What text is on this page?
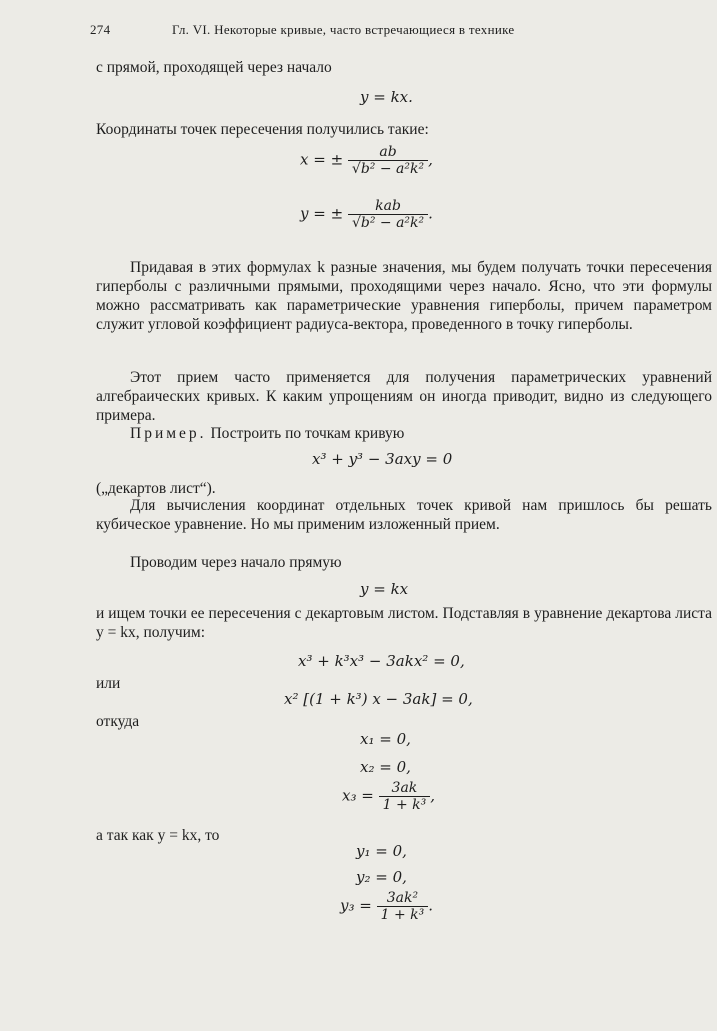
274	Гл. VI. Некоторые кривые, часто встречающиеся в технике
с прямой, проходящей через начало
y = kx.
Координаты точек пересечения получились такие:
x = ± $\frac{ab}{\text{√b² − a²k²}}$ ,
y = ± $\frac{\text{kab}}{\text{√b² − a²k²}}$ .
Придавая в этих формулах k разные значения, мы будем получать точки пересечения гиперболы с различными прямыми, проходящими через начало. Ясно, что эти формулы можно рассматривать как параметрические уравнения гиперболы, причем параметром служит угловой коэффициент радиуса-вектора, проведенного в точку гиперболы.
Этот прием часто применяется для получения параметрических уравнений алгебраических кривых. К каким упрощениям он иногда приводит, видно из следующего примера.
Пример. Построить по точкам кривую
x³ + y³ − 3axy = 0
(„декартов лист“).
Для вычисления координат отдельных точек кривой нам пришлось бы решать кубическое уравнение. Но мы применим изложенный прием.
Проводим через начало прямую
y = kx
и ищем точки ее пересечения с декартовым листом. Подставляя в уравнение декартова листа y = kx, получим:
x³ + k³x³ − 3akx² = 0,
или
x² [(1 + k³) x − 3ak] = 0,
откуда
x₁ = 0,
x₂ = 0,
$x_3 = \frac{3ak}{\text{1 + k³}}$ ,
а так как y = kx, то
y₁ = 0,
y₂ = 0,
$y_3 = \frac{\text{3ak²}}{\text{1 + k³}}$ .
